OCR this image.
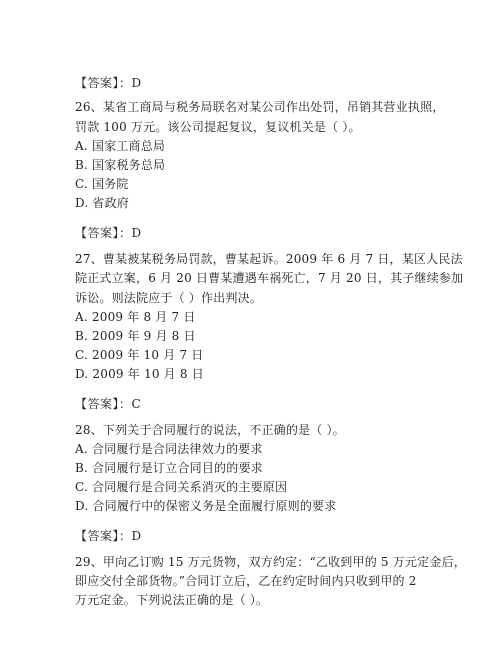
【答案】：D
26、某省工商局与税务局联名对某公司作出处罚，吊销其营业执照，
罚款 100 万元。该公司提起复议，复议机关是（ ）。
A. 国家工商总局
B. 国家税务总局
C. 国务院
D. 省政府
【答案】：D
27、曹某被某税务局罚款，曹某起诉。2009 年 6 月 7 日，某区人民法
院正式立案，6 月 20 日曹某遭遇车祸死亡，7 月 20 日，其子继续参加
诉讼。则法院应于（ ）作出判决。
A. 2009 年 8 月 7 日
B. 2009 年 9 月 8 日
C. 2009 年 10 月 7 日
D. 2009 年 10 月 8 日
【答案】：C
28、下列关于合同履行的说法，不正确的是（ ）。
A. 合同履行是合同法律效力的要求
B. 合同履行是订立合同目的的要求
C. 合同履行是合同关系消灭的主要原因
D. 合同履行中的保密义务是全面履行原则的要求
【答案】：D
29、甲向乙订购 15 万元货物，双方约定：“乙收到甲的 5 万元定金后，
即应交付全部货物。”合同订立后，乙在约定时间内只收到甲的 2
万元定金。下列说法正确的是（ ）。
